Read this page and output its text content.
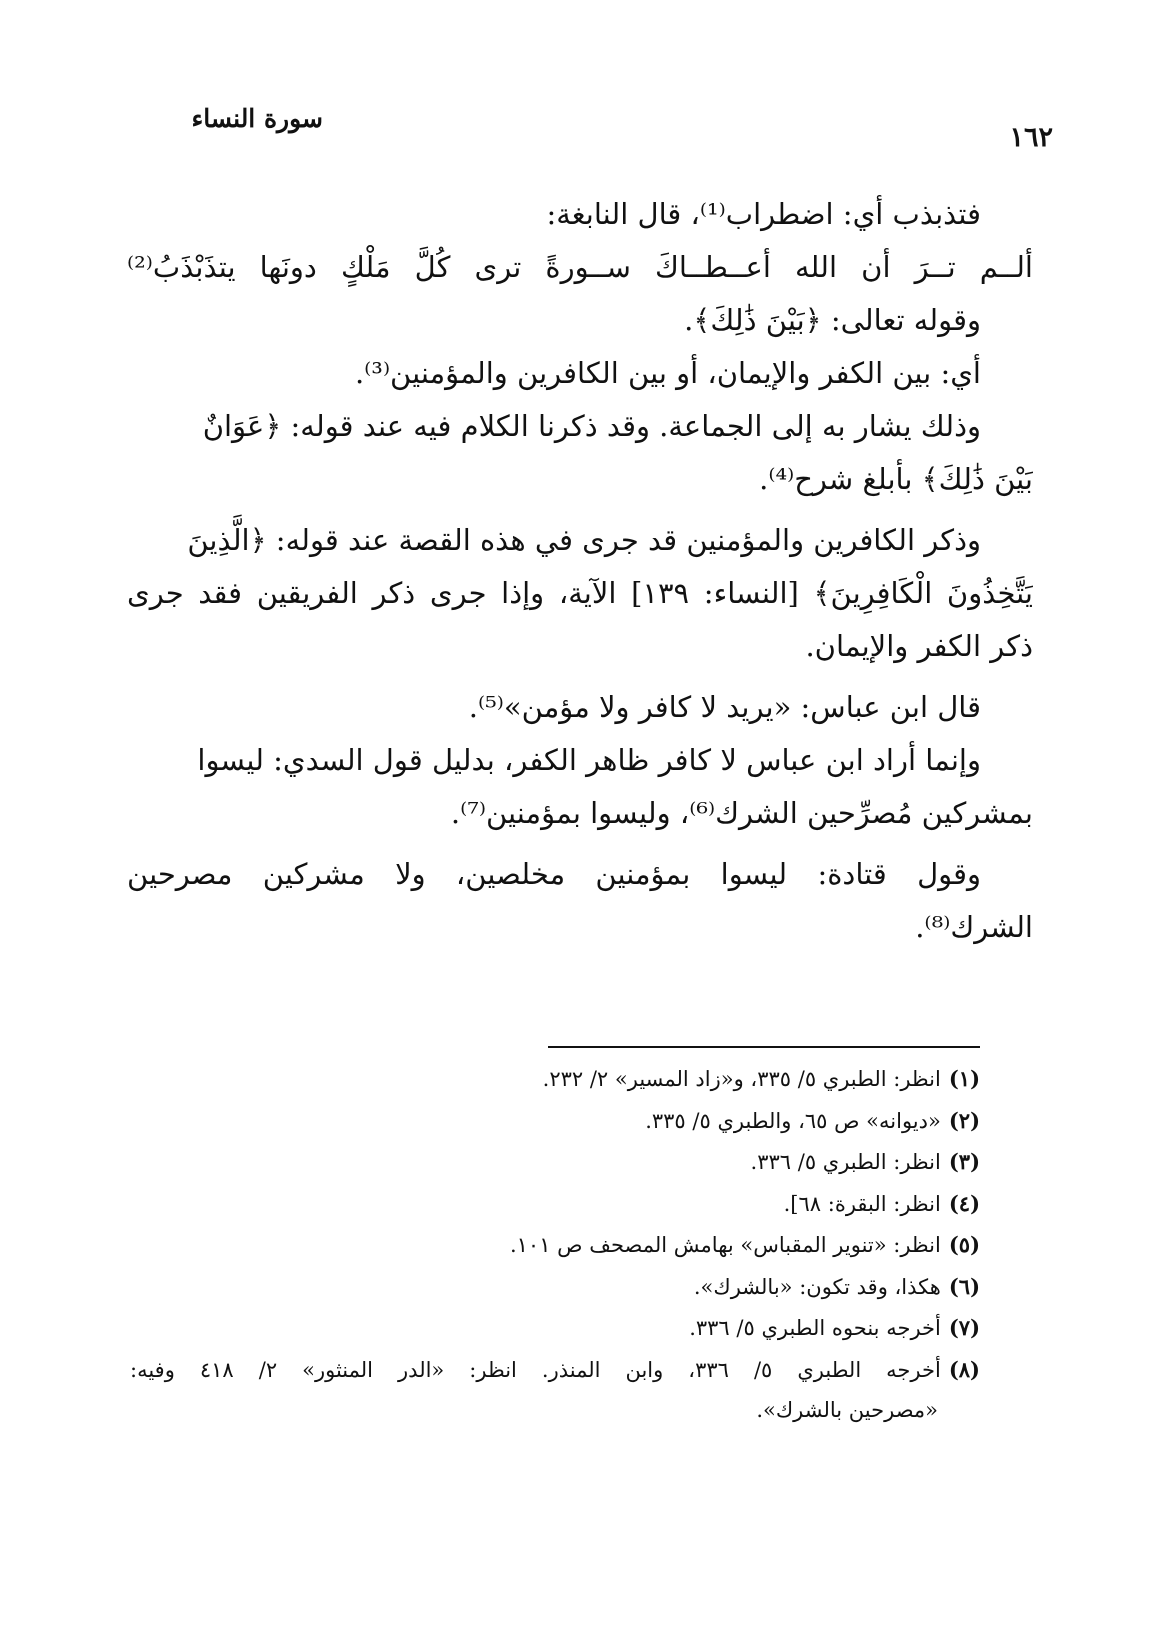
سورة النساء
١٦٢
فتذبذب أي: اضطراب⁽¹⁾، قال النابغة:
ألــم تــرَ أن الله أعــطــاكَ ســورةً ترى كُلَّ مَلْكٍ دونَها يتذَبْذَبُ⁽²⁾
وقوله تعالى: ﴿بَيْنَ ذَٰلِكَ﴾.
أي: بين الكفر والإيمان، أو بين الكافرين والمؤمنين⁽³⁾.
وذلك يشار به إلى الجماعة. وقد ذكرنا الكلام فيه عند قوله: ﴿عَوَانٌ
بَيْنَ ذَٰلِكَ﴾ بأبلغ شرح⁽⁴⁾.
وذكر الكافرين والمؤمنين قد جرى في هذه القصة عند قوله: ﴿الَّذِينَ
يَتَّخِذُونَ الْكَافِرِينَ﴾ [النساء: ١٣٩] الآية، وإذا جرى ذكر الفريقين فقد جرى
ذكر الكفر والإيمان.
قال ابن عباس: «يريد لا كافر ولا مؤمن»⁽⁵⁾.
وإنما أراد ابن عباس لا كافر ظاهر الكفر، بدليل قول السدي: ليسوا
بمشركين مُصرِّحين الشرك⁽⁶⁾، وليسوا بمؤمنين⁽⁷⁾.
وقول قتادة: ليسوا بمؤمنين مخلصين، ولا مشركين مصرحين
الشرك⁽⁸⁾.
(١)انظر: الطبري ٥/ ٣٣٥، و«زاد المسير» ٢/ ٢٣٢.
(٢)«ديوانه» ص ٦٥، والطبري ٥/ ٣٣٥.
(٣)انظر: الطبري ٥/ ٣٣٦.
(٤)انظر: البقرة: ٦٨].
(٥)انظر: «تنوير المقباس» بهامش المصحف ص ١٠١.
(٦)هكذا، وقد تكون: «بالشرك».
(٧)أخرجه بنحوه الطبري ٥/ ٣٣٦.
(٨)أخرجه الطبري ٥/ ٣٣٦، وابن المنذر. انظر: «الدر المنثور» ٢/ ٤١٨ وفيه:
«مصرحين بالشرك».
